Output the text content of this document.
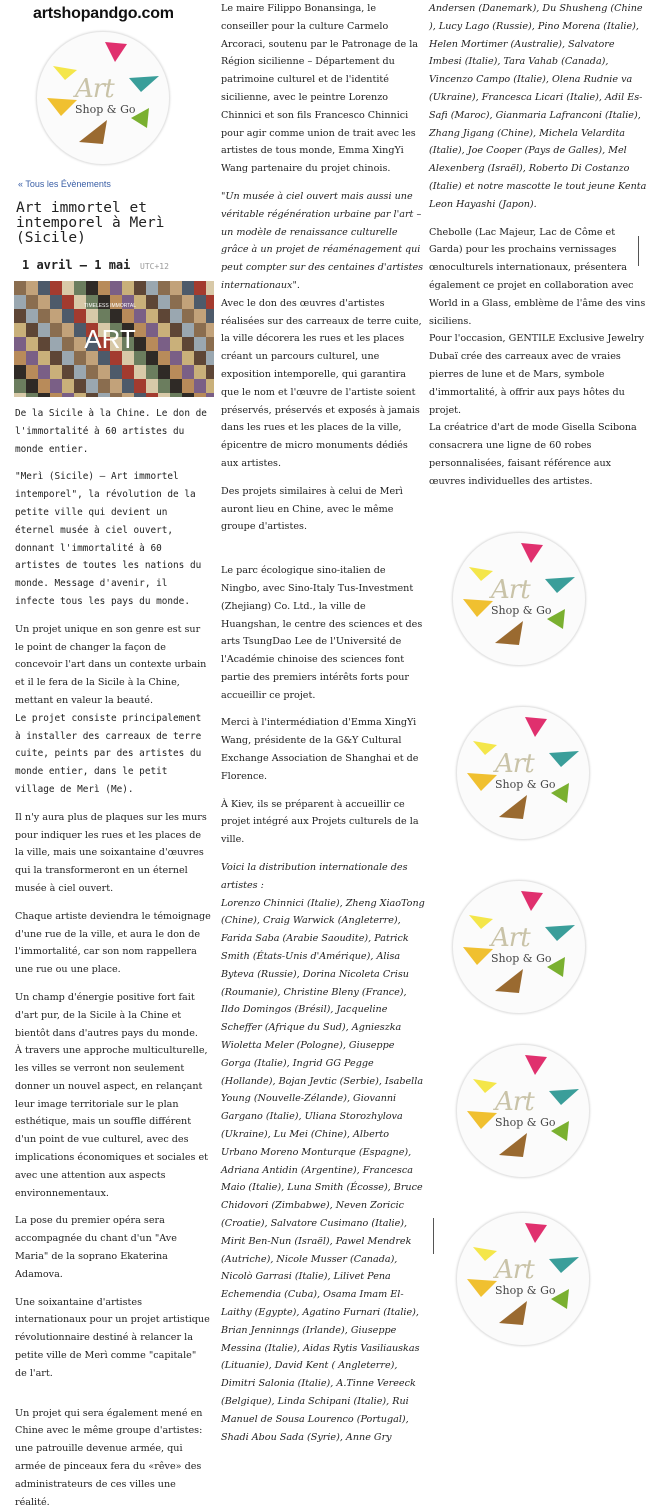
artshopandgo.com
Art
Shop & Go
« Tous les Évènements
Art immortel et intemporel à Merì (Sicile)
1 avril – 1 mai UTC+12
TIMELESS IMMORTAL
ART

De la Sicile à la Chine. Le don de l'immortalité à 60 artistes du monde entier.

"Merì (Sicile) – Art immortel intemporel", la révolution de la petite ville qui devient un éternel musée à ciel ouvert, donnant l'immortalité à 60 artistes de toutes les nations du monde. Message d'avenir, il infecte tous les pays du monde.

Un projet unique en son genre est sur le point de changer la façon de concevoir l'art dans un contexte urbain et il le fera de la Sicile à la Chine, mettant en valeur la beauté.

Le projet consiste principalement à installer des carreaux de terre cuite, peints par des artistes du monde entier, dans le petit village de Merì (Me).

Il n'y aura plus de plaques sur les murs pour indiquer les rues et les places de la ville, mais une soixantaine d'œuvres qui la transformeront en un éternel musée à ciel ouvert.

Chaque artiste deviendra le témoignage d'une rue de la ville, et aura le don de l'immortalité, car son nom rappellera une rue ou une place.

Un champ d'énergie positive fort fait d'art pur, de la Sicile à la Chine et bientôt dans d'autres pays du monde.

À travers une approche multiculturelle, les villes se verront non seulement donner un nouvel aspect, en relançant leur image territoriale sur le plan esthétique, mais un souffle différent d'un point de vue culturel, avec des implications économiques et sociales et avec une attention aux aspects environnementaux.

La pose du premier opéra sera accompagnée du chant d'un "Ave Maria" de la soprano Ekaterina Adamova.

Une soixantaine d'artistes internationaux pour un projet artistique révolutionnaire destiné à relancer la petite ville de Merì comme "capitale" de l'art.

Un projet qui sera également mené en Chine avec le même groupe d'artistes: une patrouille devenue armée, qui armée de pinceaux fera du «rêve» des administrateurs de ces villes une réalité.

Le maire Filippo Bonansinga, le conseiller pour la culture Carmelo Arcoraci, soutenu par le Patronage de la Région sicilienne – Département du patrimoine culturel et de l'identité sicilienne, avec le peintre Lorenzo Chinnici et son fils Francesco Chinnici pour agir comme union de trait avec les artistes de tous monde, Emma XingYi Wang partenaire du projet chinois.

"Un musée à ciel ouvert mais aussi une véritable régénération urbaine par l'art – un modèle de renaissance culturelle grâce à un projet de réaménagement qui peut compter sur des centaines d'artistes internationaux".

Avec le don des œuvres d'artistes réalisées sur des carreaux de terre cuite, la ville décorera les rues et les places créant un parcours culturel, une exposition intemporelle, qui garantira que le nom et l'œuvre de l'artiste soient préservés, préservés et exposés à jamais dans les rues et les places de la ville, épicentre de micro monuments dédiés aux artistes.

Des projets similaires à celui de Merì auront lieu en Chine, avec le même groupe d'artistes.

Le parc écologique sino-italien de Ningbo, avec Sino-Italy Tus-Investment (Zhejiang) Co. Ltd., la ville de Huangshan, le centre des sciences et des arts TsungDao Lee de l'Université de l'Académie chinoise des sciences font partie des premiers intérêts forts pour accueillir ce projet.

Merci à l'intermédiation d'Emma XingYi Wang, présidente de la G&Y Cultural Exchange Association de Shanghai et de Florence.

À Kiev, ils se préparent à accueillir ce projet intégré aux Projets culturels de la ville.

Voici la distribution internationale des artistes :

Lorenzo Chinnici (Italie), Zheng XiaoTong (Chine), Craig Warwick (Angleterre), Farida Saba (Arabie Saoudite), Patrick Smith (États-Unis d'Amérique), Alisa Byteva (Russie), Dorina Nicoleta Crisu (Roumanie), Christine Bleny (France), Ildo Domingos (Brésil), Jacqueline Scheffer (Afrique du Sud), Agnieszka Wioletta Meler (Pologne), Giuseppe Gorga (Italie), Ingrid GG Pegge (Hollande), Bojan Jevtic (Serbie), Isabella Young (Nouvelle-Zélande), Giovanni Gargano (Italie), Uliana Storozhylova (Ukraine), Lu Mei (Chine), Alberto Urbano Moreno Monturque (Espagne), Adriana Antidin (Argentine), Francesca Maio (Italie), Luna Smith (Écosse), Bruce Chidovori (Zimbabwe), Neven Zoricic (Croatie), Salvatore Cusimano (Italie), Mirit Ben-Nun (Israël), Pawel Mendrek (Autriche), Nicole Musser (Canada), Nicolò Garrasi (Italie), Lilivet Pena Echemendia (Cuba), Osama Imam El-Laithy (Egypte), Agatino Furnari (Italie), Brian Jenninngs (Irlande), Giuseppe Messina (Italie), Aidas Rytis Vasiliauskas (Lituanie), David Kent ( Angleterre), Dimitri Salonia (Italie), A.Tinne Vereeck (Belgique), Linda Schipani (Italie), Rui Manuel de Sousa Lourenco (Portugal), Shadi Abou Sada (Syrie), Anne Gry

Andersen (Danemark), Du Shusheng (Chine ), Lucy Lago (Russie), Pino Morena (Italie), Helen Mortimer (Australie), Salvatore Imbesi (Italie), Tara Vahab (Canada), Vincenzo Campo (Italie), Olena Rudnie va (Ukraine), Francesca Licari (Italie), Adil Es-Safi (Maroc), Gianmaria Lafranconi (Italie), Zhang Jigang (Chine), Michela Velardita (Italie), Joe Cooper (Pays de Galles), Mel Alexenberg (Israël), Roberto Di Costanzo (Italie) et notre mascotte le tout jeune Kenta Leon Hayashi (Japon).

Chebolle (Lac Majeur, Lac de Côme et Garda) pour les prochains vernissages œnoculturels internationaux, présentera également ce projet en collaboration avec World in a Glass, emblème de l'âme des vins siciliens.

Pour l'occasion, GENTILE Exclusive Jewelry Dubaï crée des carreaux avec de vraies pierres de lune et de Mars, symbole d'immortalité, à offrir aux pays hôtes du projet.

La créatrice d'art de mode Gisella Scibona consacrera une ligne de 60 robes personnalisées, faisant référence aux œuvres individuelles des artistes.

Art
Shop & Go
Art
Shop & Go
Art
Shop & Go
Art
Shop & Go
Art
Shop & Go
